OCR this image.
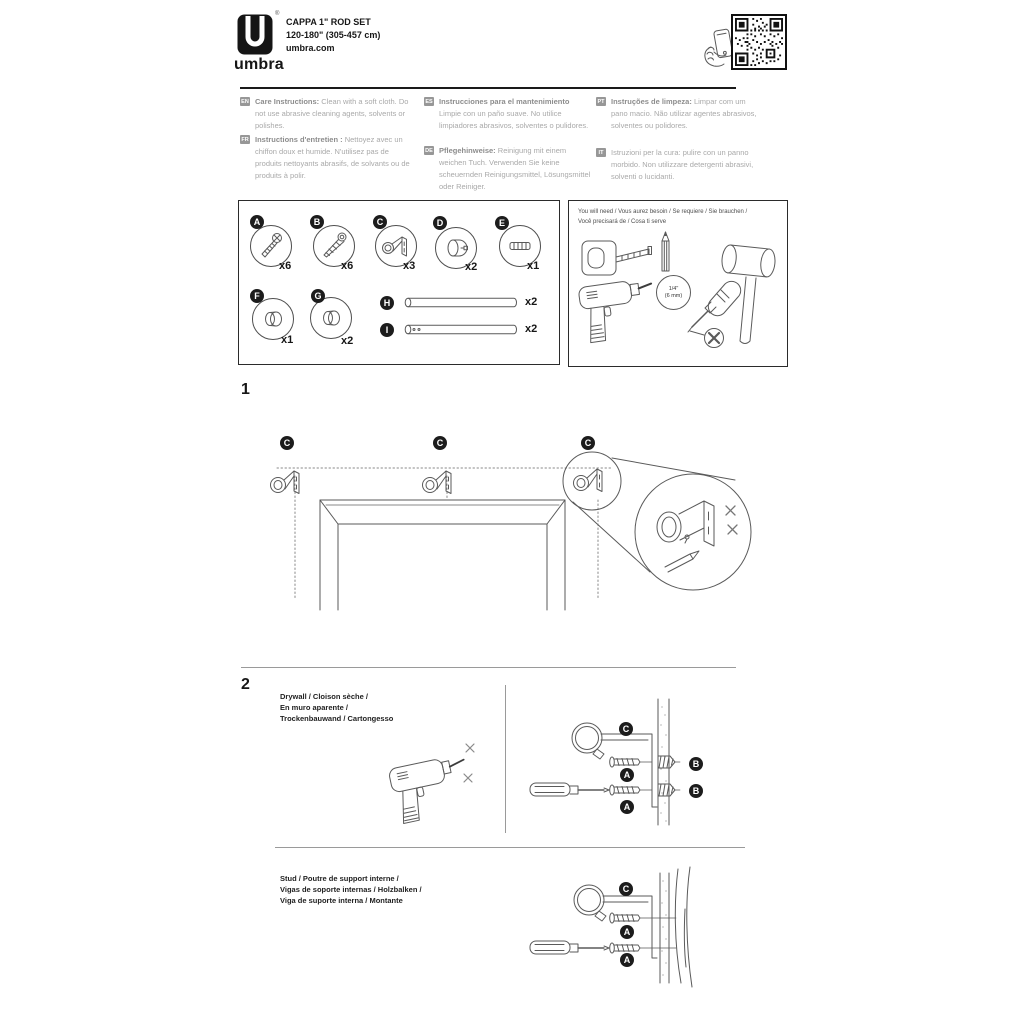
®
umbra
CAPPA 1" ROD SET
120-180" (305-457 cm)
umbra.com
EN Care Instructions: Clean with a soft cloth. Do not use abrasive cleaning agents, solvents or polishes.
FR Instructions d'entretien : Nettoyez avec un chiffon doux et humide. N'utilisez pas de produits nettoyants abrasifs, de solvants ou de produits à polir.
ES Instrucciones para el mantenimiento Limpie con un paño suave. No utilice limpiadores abrasivos, solventes o pulidores.
DE Pflegehinweise: Reinigung mit einem weichen Tuch. Verwenden Sie keine scheuernden Reinigungsmittel, Lösungsmittel oder Reiniger.
PT Instruções de limpeza: Limpar com um pano macio. Não utilizar agentes abrasivos, solventes ou polidores.
IT	Istruzioni per la cura: pulire con un panno morbido. Non utilizzare detergenti abrasivi, solventi o lucidanti.
A	B	C	D	E
F	G
H
I
x6	x6	x3	x2	x1
x1	x2
x2
x2
You will need / Vous aurez besoin / Se requiere / Sie brauchen /
Você precisará de / Cosa ti serve
1/4"
(6 mm)
1
C	C	C
2
Drywall / Cloison sèche /
En muro aparente /
Trockenbauwand / Cartongesso
C
A
A
B
B
Stud / Poutre de support interne /
Vigas de soporte internas / Holzbalken /
Viga de suporte interna / Montante
C
A
A
